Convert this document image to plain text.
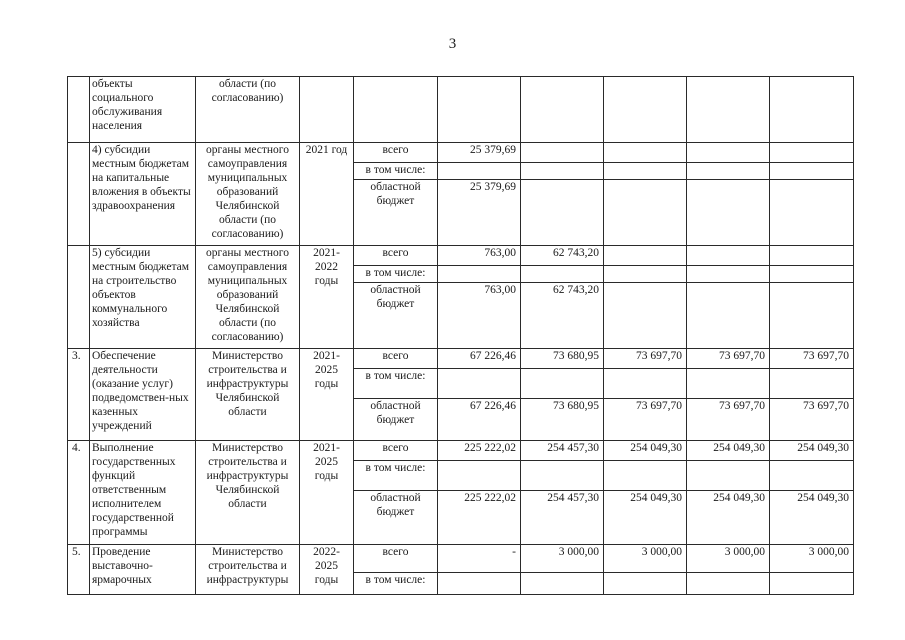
3
	объекты социального обслуживания населения	области (по согласованию)							
	4) субсидии местным бюджетам на капитальные вложения в объекты здравоохранения	органы местного самоуправления муниципальных образований Челябинской области (по согласованию)	2021 год	всего	25 379,69				
				в том числе:					
				областной бюджет	25 379,69				
	5) субсидии местным бюджетам на строительство объектов коммунального хозяйства	органы местного самоуправления муниципальных образований Челябинской области (по согласованию)	2021-2022 годы	всего	763,00	62 743,20			
				в том числе:					
				областной бюджет	763,00	62 743,20			
3.	Обеспечение деятельности (оказание услуг) подведомствен-ных казенных учреждений	Министерство строительства и инфраструктуры Челябинской области	2021-2025 годы	всего	67 226,46	73 680,95	73 697,70	73 697,70	73 697,70
				в том числе:					
				областной бюджет	67 226,46	73 680,95	73 697,70	73 697,70	73 697,70
4.	Выполнение государственных функций ответственным исполнителем государственной программы	Министерство строительства и инфраструктуры Челябинской области	2021-2025 годы	всего	225 222,02	254 457,30	254 049,30	254 049,30	254 049,30
				в том числе:					
				областной бюджет	225 222,02	254 457,30	254 049,30	254 049,30	254 049,30
5.	Проведение выставочно-ярмарочных	Министерство строительства и инфраструктуры	2022-2025 годы	всего	-	3 000,00	3 000,00	3 000,00	3 000,00
				в том числе:					
